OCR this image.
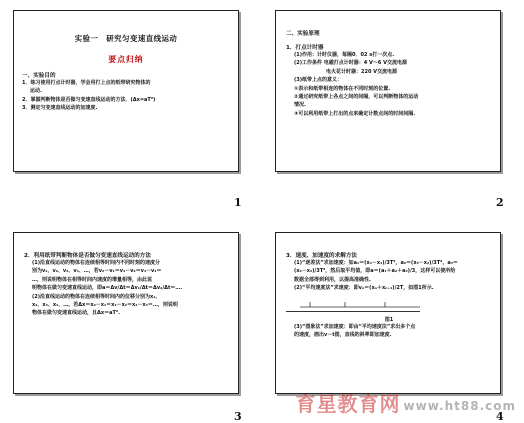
实验一　研究匀变速直线运动
要点归纳
一、实验目的
1．练习使用打点计时器，学会用打上点的纸带研究物体的
运动.
2．掌握判断物体是否做匀变速直线运动的方法．(Δx=aT²)
3．测定匀变速直线运动的加速度.
1
二、实验原理
1．打点计时器
(1)作用：计时仪器，每隔0．02 s打一次点.
(2)工作条件 电磁打点计时器：4 V～6 V交流电源
电火花计时器：220 V交流电源
(3)纸带上点的意义：
①表示和纸带相连的物体在不同时刻的位置.
②通过研究纸带上各点之间的间隔，可以判断物体的运动
情况.
③可以利用纸带上打出的点来确定计数点间的时间间隔.
2
2．利用纸带判断物体是否做匀变速直线运动的方法
(1)沿直线运动的物体在连续相等时间内不同时刻的速度分
别为v₁、v₂、v₃、v₄、…，若v₂－v₁＝v₃－v₂＝v₄－v₃＝
…，则说明物体在相等时间内速度的增量相等，由此说
明物体在做匀变速直线运动，即a＝Δv/Δt＝Δv₁/Δt＝Δv₂/Δt＝….
(2)沿直线运动的物体在连续相等时间内的位移分别为x₁、
x₂、x₃、x₄、…，若Δx＝x₂－x₁＝x₃－x₂＝x₄－x₃＝…，则说明
物体在做匀变速直线运动，且Δx＝aT².
3
3．速度、加速度的求解方法
(1)“逐差法”求加速度：如a₁＝(x₄－x₁)/3T²，a₂＝(x₅－x₂)/3T²，a₃＝
(x₆－x₃)/3T²，然后取平均值，即a＝(a₁＋a₂＋a₃)/3，这样可以使所给
数据全部得到利用，以提高准确性.
(2)“平均速度法”求速度：即vₙ＝(xₙ＋xₙ₊₁)/2T，如图1所示.
图1
(3)“图象法”求加速度：即由“平均速度法”求出多个点
的速度，画出v－t图，直线的斜率即加速度.
4
育星教育网 www.ht88.com
